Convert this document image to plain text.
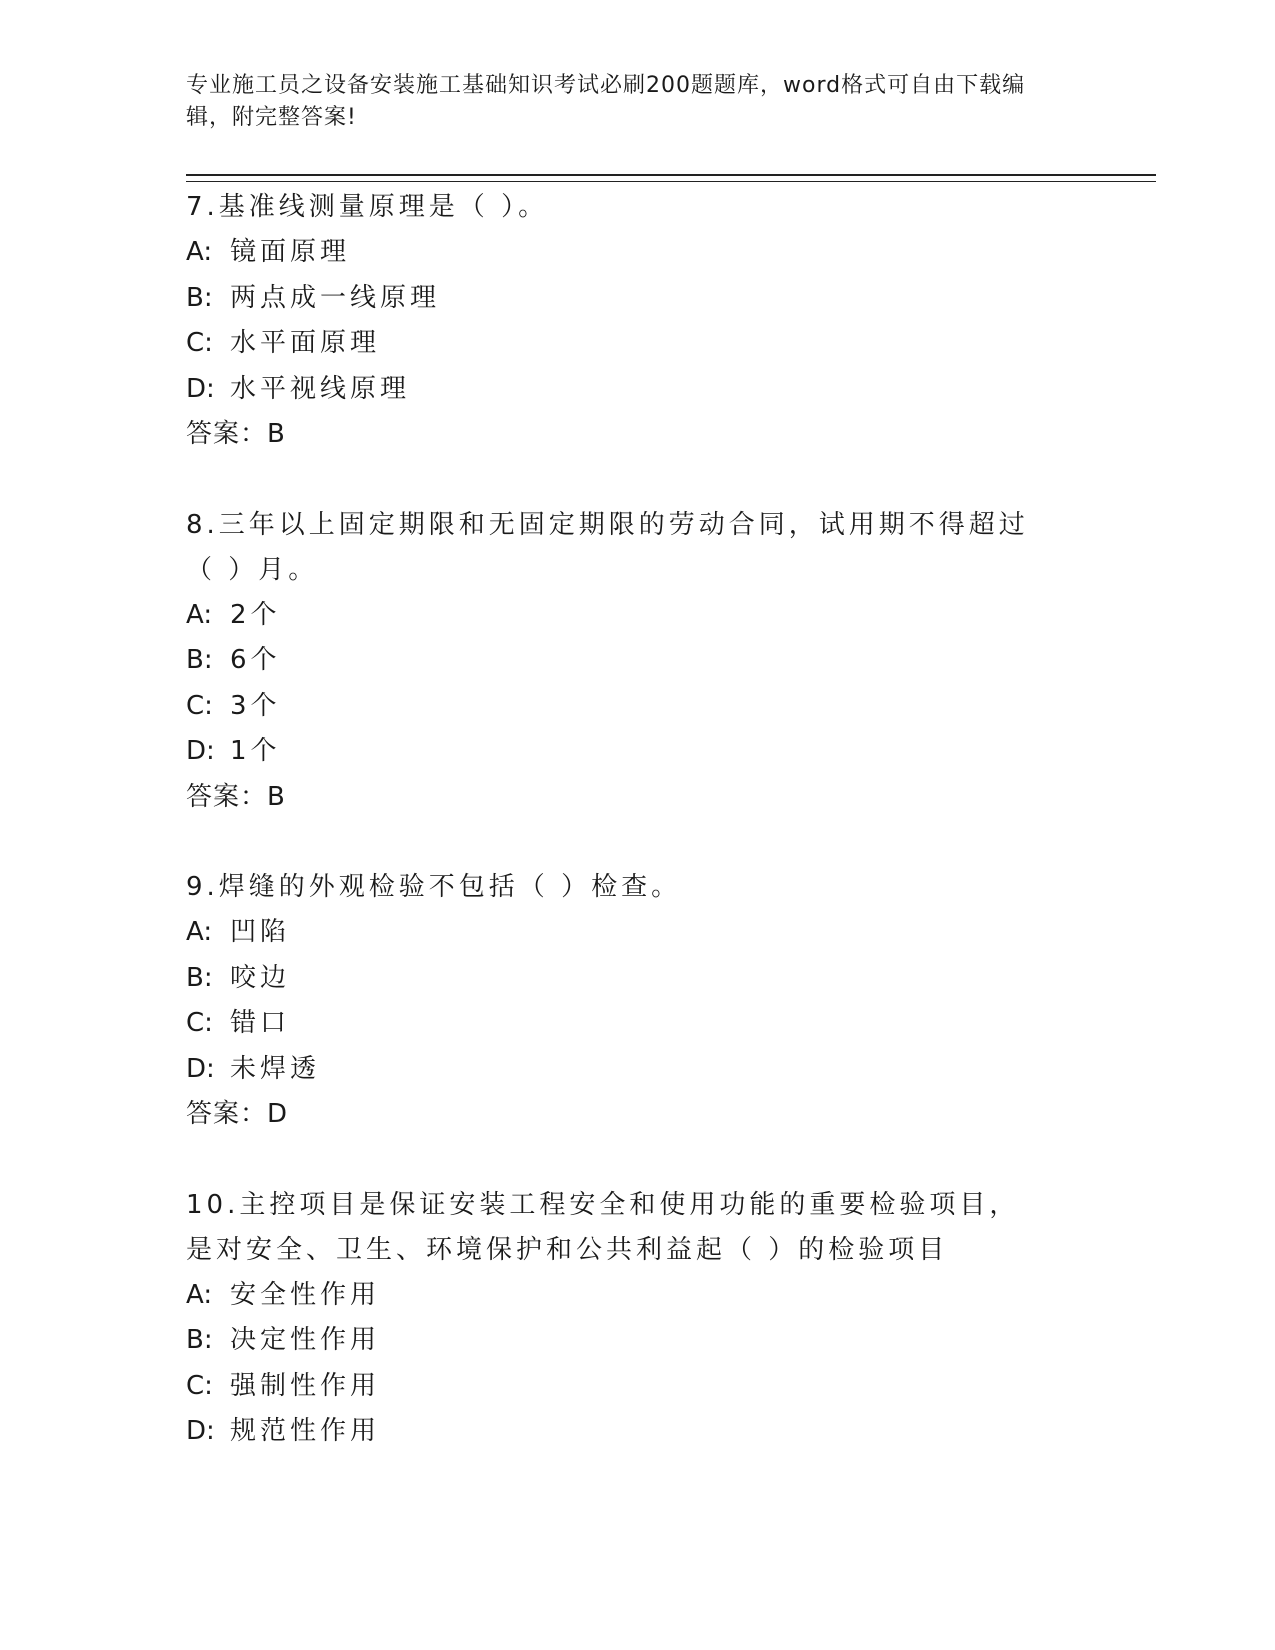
专业施工员之设备安装施工基础知识考试必刷200题题库，word格式可自由下载编辑，附完整答案!

7.基准线测量原理是（ ）。

A: 镜面原理

B: 两点成一线原理

C: 水平面原理

D: 水平视线原理

答案：B

8.三年以上固定期限和无固定期限的劳动合同，试用期不得超过（ ）月。

A: 2个

B: 6个

C: 3个

D: 1个

答案：B

9.焊缝的外观检验不包括（ ）检查。

A: 凹陷

B: 咬边

C: 错口

D: 未焊透

答案：D

10.主控项目是保证安装工程安全和使用功能的重要检验项目，是对安全、卫生、环境保护和公共利益起（ ）的检验项目

A: 安全性作用

B: 决定性作用

C: 强制性作用

D: 规范性作用
